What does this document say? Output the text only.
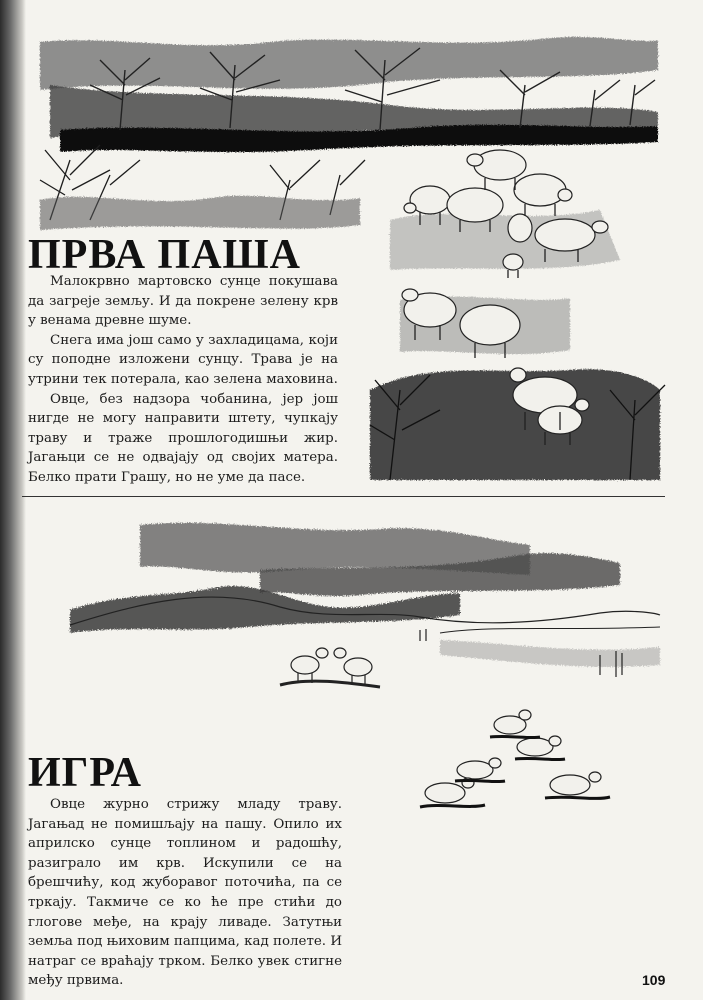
ПРВА ПАША

Малокрвно мартовско сунце покушава да загреје земљу. И да покрене зелену крв у венама древне шуме.

Снега има још само у захладицама, који су поподне изложени сунцу. Трава је на утрини тек потерала, као зелена маховина.

Овце, без надзора чобанина, јер још нигде не могу направити штету, чупкају траву и траже прошлогодишњи жир. Јагањци се не одвајају од својих матера. Белко прати Грашу, но не уме да пасе.

ИГРА

Овце журно стрижу младу траву. Јагањад не помишљају на пашу. Опило их априлско сунце топлином и радошћу, разиграло им крв. Искупили се на брешчићу, код жуборавог поточића, па се тркају. Такмиче се ко ће пре стићи до глогове међе, на крају ливаде. Затутњи земља под њиховим папцима, кад полете. И натраг се враћају трком. Белко увек стигне међу првима.	109
